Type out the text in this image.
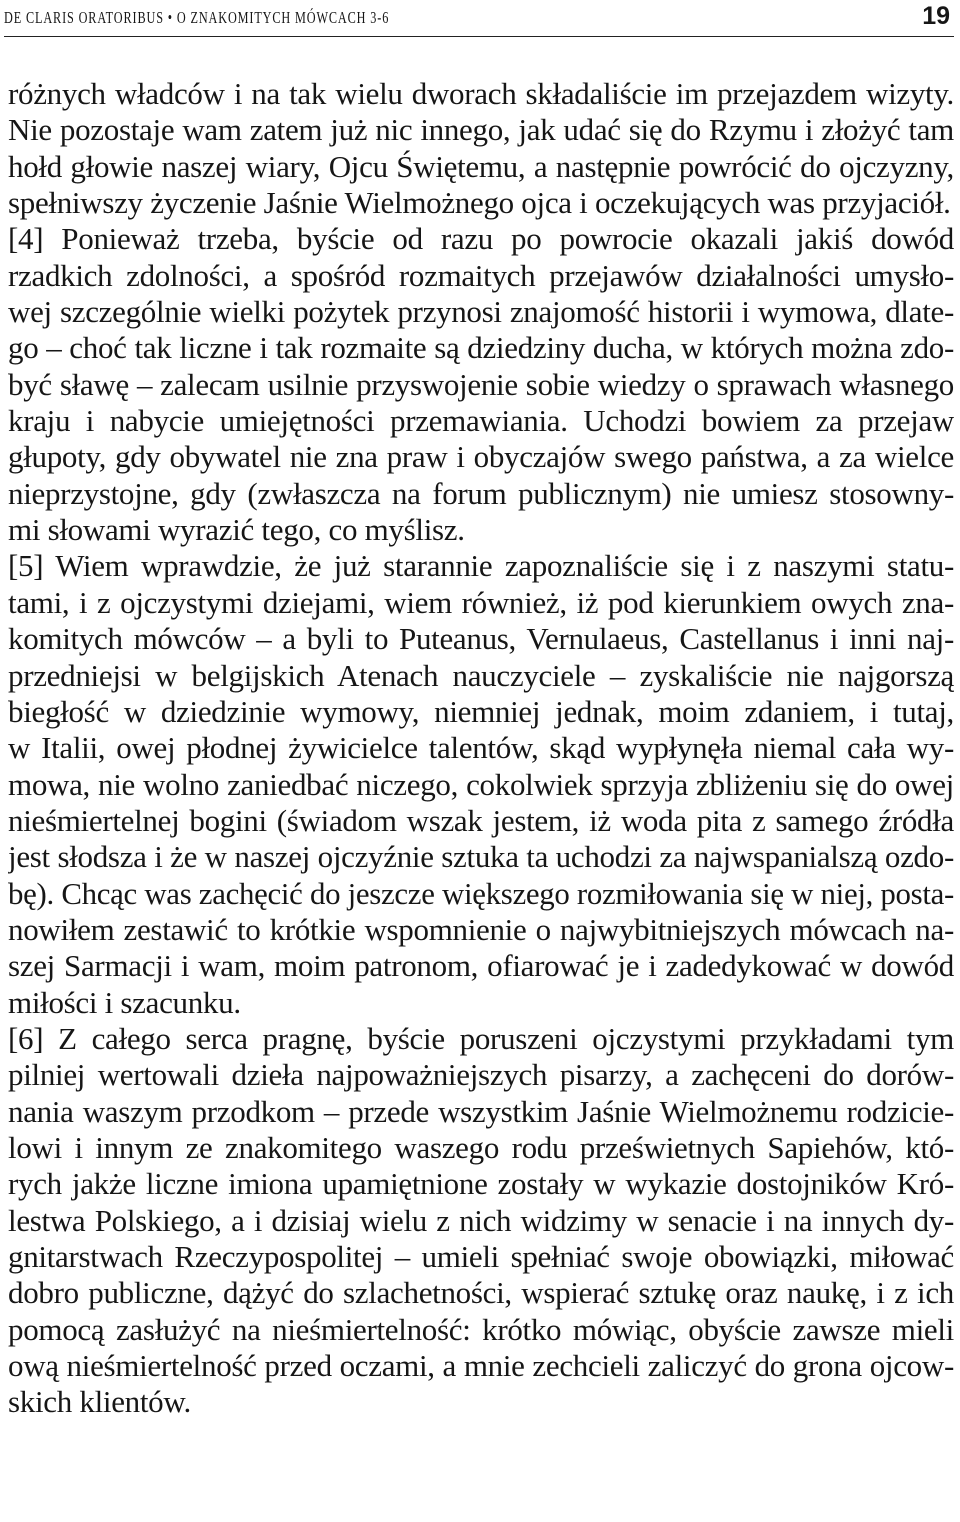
DE CLARIS ORATORIBUS • O ZNAKOMITYCH MÓWCACH 3-6	19
różnych władców i na tak wielu dworach składaliście im przejazdem wizyty.
Nie pozostaje wam zatem już nic innego, jak udać się do Rzymu i złożyć tam
hołd głowie naszej wiary, Ojcu Świętemu, a następnie powrócić do ojczyzny,
spełniwszy życzenie Jaśnie Wielmożnego ojca i oczekujących was przyjaciół.
[4] Ponieważ trzeba, byście od razu po powrocie okazali jakiś dowód
rzadkich zdolności, a spośród rozmaitych przejawów działalności umysło-
wej szczególnie wielki pożytek przynosi znajomość historii i wymowa, dlate-
go – choć tak liczne i tak rozmaite są dziedziny ducha, w których można zdo-
być sławę – zalecam usilnie przyswojenie sobie wiedzy o sprawach własnego
kraju i nabycie umiejętności przemawiania. Uchodzi bowiem za przejaw
głupoty, gdy obywatel nie zna praw i obyczajów swego państwa, a za wielce
nieprzystojne, gdy (zwłaszcza na forum publicznym) nie umiesz stosowny-
mi słowami wyrazić tego, co myślisz.
[5] Wiem wprawdzie, że już starannie zapoznaliście się i z naszymi statu-
tami, i z ojczystymi dziejami, wiem również, iż pod kierunkiem owych zna-
komitych mówców – a byli to Puteanus, Vernulaeus, Castellanus i inni naj-
przedniejsi w belgijskich Atenach nauczyciele – zyskaliście nie najgorszą
biegłość w dziedzinie wymowy, niemniej jednak, moim zdaniem, i tutaj,
w Italii, owej płodnej żywicielce talentów, skąd wypłynęła niemal cała wy-
mowa, nie wolno zaniedbać niczego, cokolwiek sprzyja zbliżeniu się do owej
nieśmiertelnej bogini (świadom wszak jestem, iż woda pita z samego źródła
jest słodsza i że w naszej ojczyźnie sztuka ta uchodzi za najwspanialszą ozdo-
bę). Chcąc was zachęcić do jeszcze większego rozmiłowania się w niej, posta-
nowiłem zestawić to krótkie wspomnienie o najwybitniejszych mówcach na-
szej Sarmacji i wam, moim patronom, ofiarować je i zadedykować w dowód
miłości i szacunku.
[6] Z całego serca pragnę, byście poruszeni ojczystymi przykładami tym
pilniej wertowali dzieła najpoważniejszych pisarzy, a zachęceni do dorów-
nania waszym przodkom – przede wszystkim Jaśnie Wielmożnemu rodzicie-
lowi i innym ze znakomitego waszego rodu prześwietnych Sapiehów, któ-
rych jakże liczne imiona upamiętnione zostały w wykazie dostojników Kró-
lestwa Polskiego, a i dzisiaj wielu z nich widzimy w senacie i na innych dy-
gnitarstwach Rzeczypospolitej – umieli spełniać swoje obowiązki, miłować
dobro publiczne, dążyć do szlachetności, wspierać sztukę oraz naukę, i z ich
pomocą zasłużyć na nieśmiertelność: krótko mówiąc, obyście zawsze mieli
ową nieśmiertelność przed oczami, a mnie zechcieli zaliczyć do grona ojcow-
skich klientów.
